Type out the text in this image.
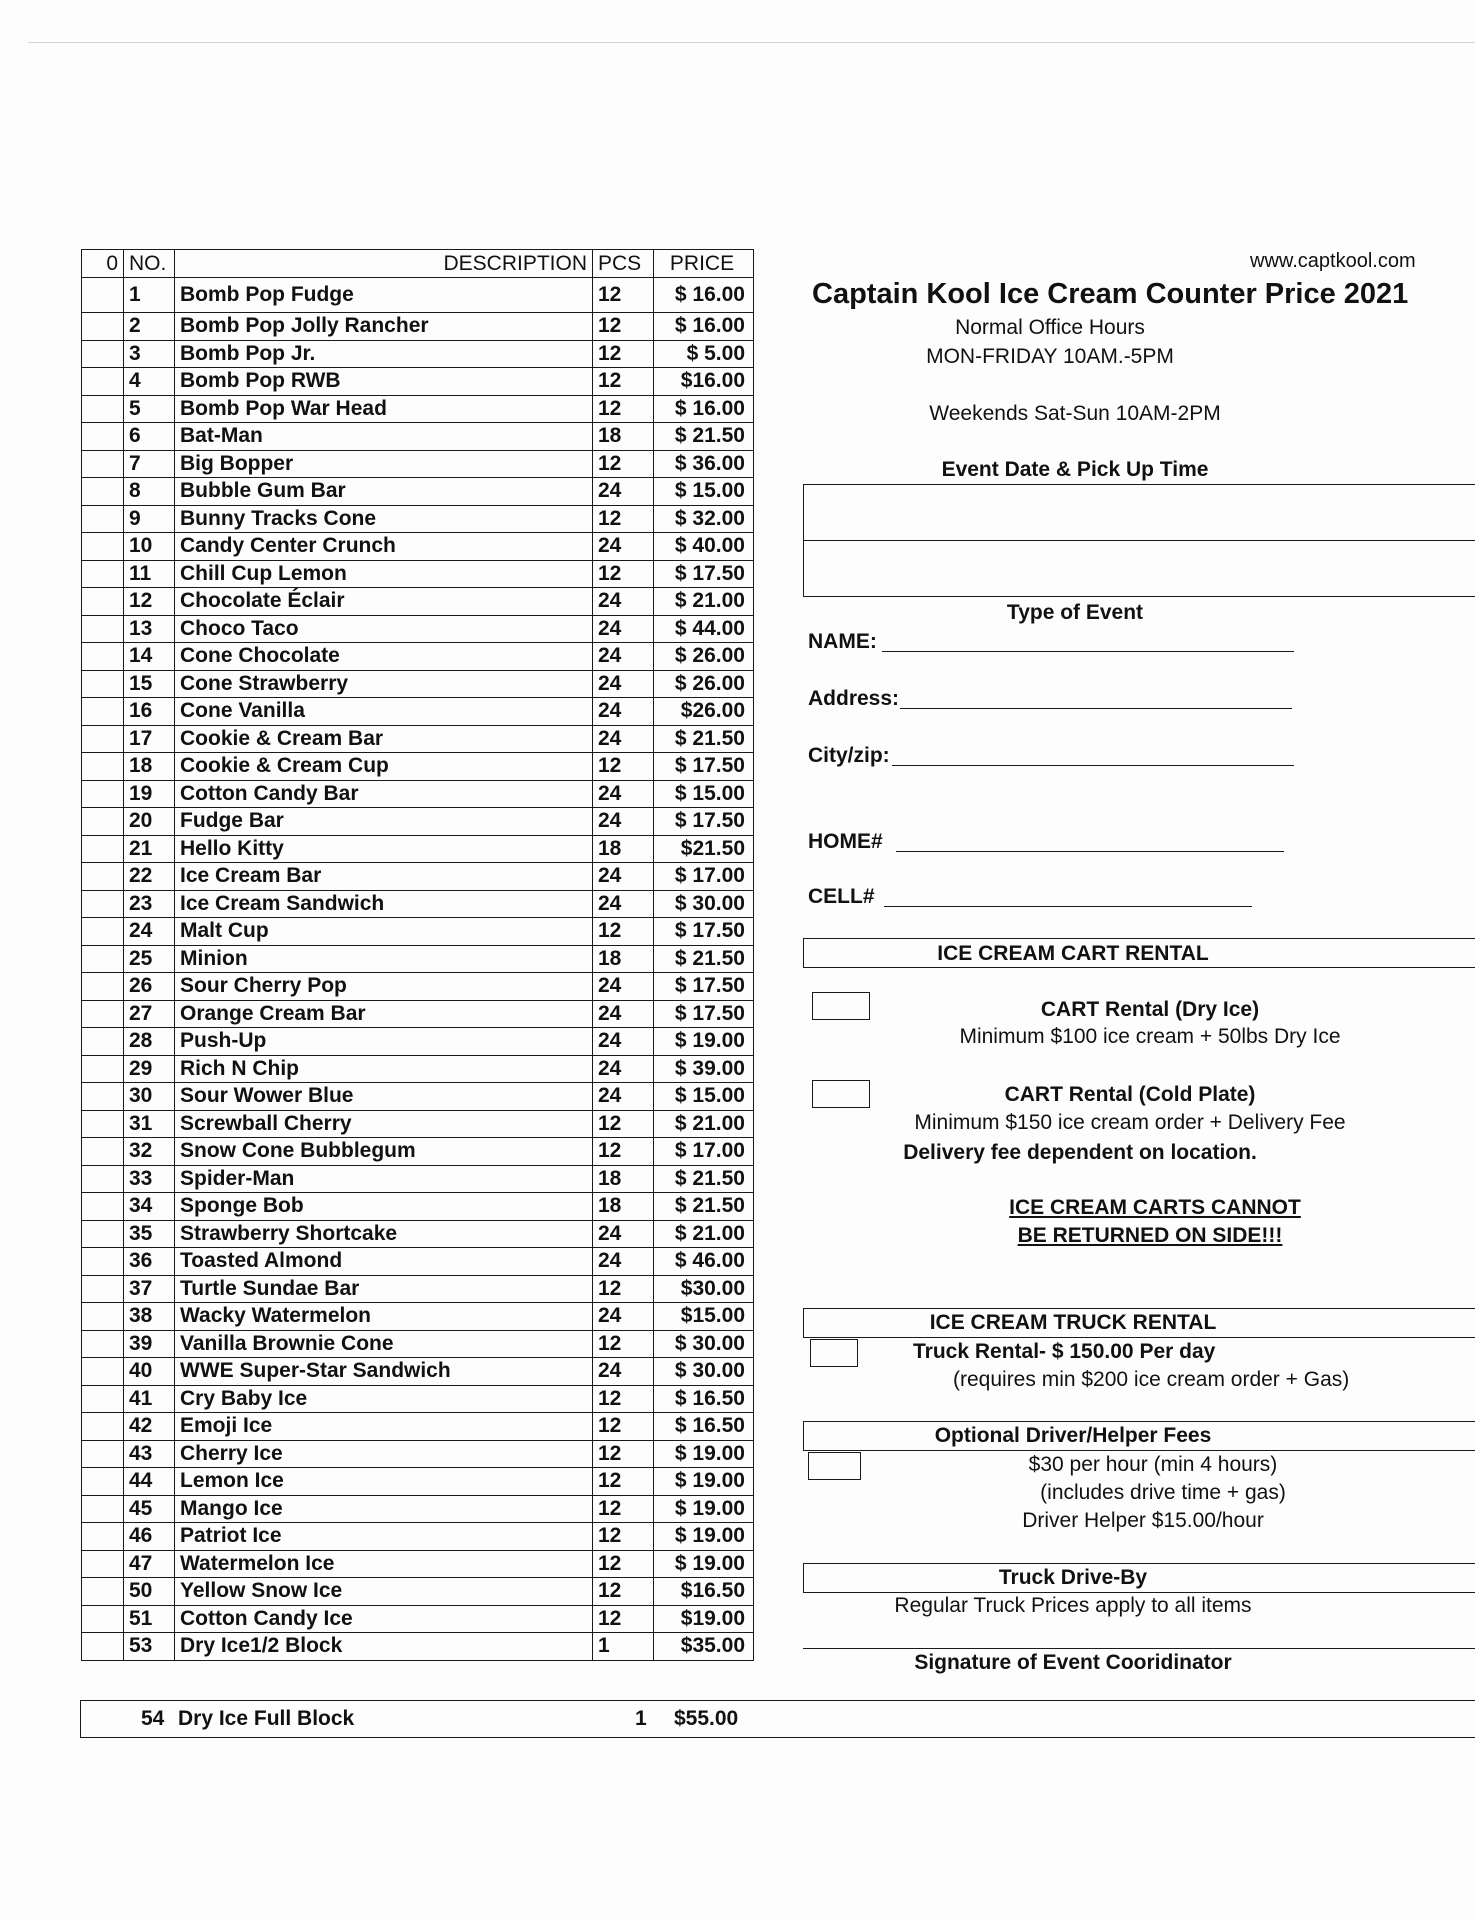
0	NO.	DESCRIPTION	PCS	PRICE
	1	Bomb Pop Fudge	12	$ 16.00
	2	Bomb Pop Jolly Rancher	12	$ 16.00
	3	Bomb Pop Jr.	12	$ 5.00
	4	Bomb Pop RWB	12	$16.00
	5	Bomb Pop War Head	12	$ 16.00
	6	Bat-Man	18	$ 21.50
	7	Big Bopper	12	$ 36.00
	8	Bubble Gum Bar	24	$ 15.00
	9	Bunny Tracks Cone	12	$ 32.00
	10	Candy Center Crunch	24	$ 40.00
	11	Chill Cup Lemon	12	$ 17.50
	12	Chocolate Éclair	24	$ 21.00
	13	Choco Taco	24	$ 44.00
	14	Cone Chocolate	24	$ 26.00
	15	Cone Strawberry	24	$ 26.00
	16	Cone Vanilla	24	$26.00
	17	Cookie & Cream Bar	24	$ 21.50
	18	Cookie & Cream Cup	12	$ 17.50
	19	Cotton Candy Bar	24	$ 15.00
	20	Fudge Bar	24	$ 17.50
	21	Hello Kitty	18	$21.50
	22	Ice Cream Bar	24	$ 17.00
	23	Ice Cream Sandwich	24	$ 30.00
	24	Malt Cup	12	$ 17.50
	25	Minion	18	$ 21.50
	26	Sour Cherry Pop	24	$ 17.50
	27	Orange Cream Bar	24	$ 17.50
	28	Push-Up	24	$ 19.00
	29	Rich N Chip	24	$ 39.00
	30	Sour Wower Blue	24	$ 15.00
	31	Screwball Cherry	12	$ 21.00
	32	Snow Cone Bubblegum	12	$ 17.00
	33	Spider-Man	18	$ 21.50
	34	Sponge Bob	18	$ 21.50
	35	Strawberry Shortcake	24	$ 21.00
	36	Toasted Almond	24	$ 46.00
	37	Turtle Sundae Bar	12	$30.00
	38	Wacky Watermelon	24	$15.00
	39	Vanilla Brownie Cone	12	$ 30.00
	40	WWE Super-Star Sandwich	24	$ 30.00
	41	Cry Baby Ice	12	$ 16.50
	42	Emoji Ice	12	$ 16.50
	43	Cherry Ice	12	$ 19.00
	44	Lemon Ice	12	$ 19.00
	45	Mango Ice	12	$ 19.00
	46	Patriot Ice	12	$ 19.00
	47	Watermelon Ice	12	$ 19.00
	50	Yellow Snow Ice	12	$16.50
	51	Cotton Candy Ice	12	$19.00
	53	Dry Ice1/2 Block	1	$35.00
54 Dry Ice Full Block	1 $55.00
www.captkool.com
Captain Kool Ice Cream Counter Price 2021
Normal Office Hours
MON-FRIDAY 10AM.-5PM
Weekends Sat-Sun 10AM-2PM
Event Date & Pick Up Time
Type of Event
NAME:
Address:
City/zip:
HOME#
CELL#
ICE CREAM CART RENTAL
CART Rental (Dry Ice)
Minimum $100 ice cream + 50lbs Dry Ice
CART Rental (Cold Plate)
Minimum $150 ice cream order + Delivery Fee
Delivery fee dependent on location.
ICE CREAM CARTS CANNOT
BE RETURNED ON SIDE!!!
ICE CREAM TRUCK RENTAL
Truck Rental- $ 150.00 Per day
(requires min $200 ice cream order + Gas)
Optional Driver/Helper Fees
$30 per hour (min 4 hours)
(includes drive time + gas)
Driver Helper $15.00/hour
Truck Drive-By
Regular Truck Prices apply to all items
Signature of Event Cooridinator
